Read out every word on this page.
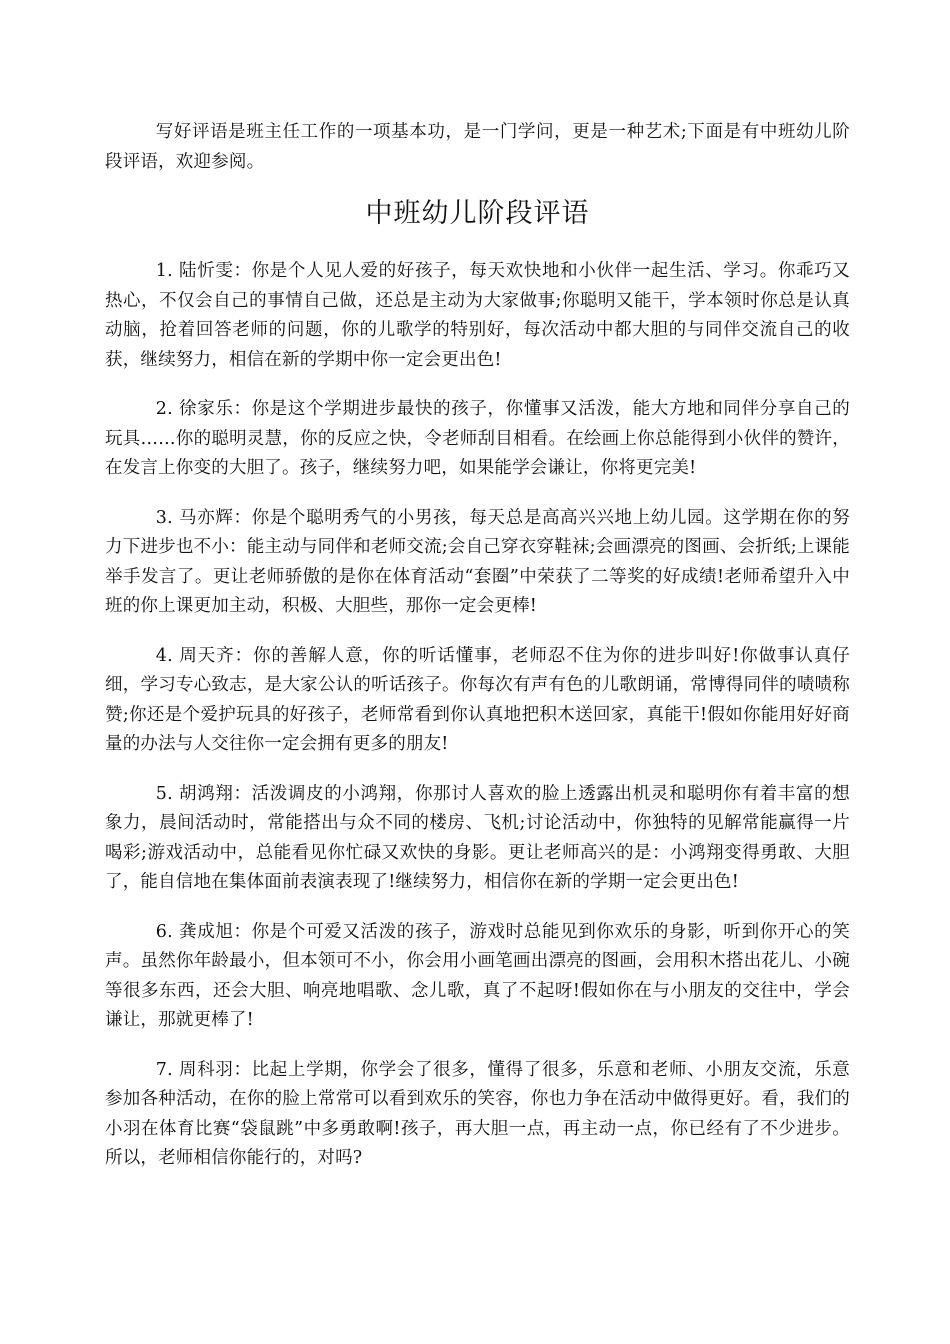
写好评语是班主任工作的一项基本功，是一门学问，更是一种艺术;下面是有中班幼儿阶段评语，欢迎参阅。

中班幼儿阶段评语

1. 陆忻雯：你是个人见人爱的好孩子，每天欢快地和小伙伴一起生活、学习。你乖巧又热心，不仅会自己的事情自己做，还总是主动为大家做事;你聪明又能干，学本领时你总是认真动脑，抢着回答老师的问题，你的儿歌学的特别好，每次活动中都大胆的与同伴交流自己的收获，继续努力，相信在新的学期中你一定会更出色!

2. 徐家乐：你是这个学期进步最快的孩子，你懂事又活泼，能大方地和同伴分享自己的玩具……你的聪明灵慧，你的反应之快，令老师刮目相看。在绘画上你总能得到小伙伴的赞许，在发言上你变的大胆了。孩子，继续努力吧，如果能学会谦让，你将更完美!

3. 马亦辉：你是个聪明秀气的小男孩，每天总是高高兴兴地上幼儿园。这学期在你的努力下进步也不小：能主动与同伴和老师交流;会自己穿衣穿鞋袜;会画漂亮的图画、会折纸;上课能举手发言了。更让老师骄傲的是你在体育活动“套圈”中荣获了二等奖的好成绩!老师希望升入中班的你上课更加主动，积极、大胆些，那你一定会更棒!

4. 周天齐：你的善解人意，你的听话懂事，老师忍不住为你的进步叫好!你做事认真仔细，学习专心致志，是大家公认的听话孩子。你每次有声有色的儿歌朗诵，常博得同伴的啧啧称赞;你还是个爱护玩具的好孩子，老师常看到你认真地把积木送回家，真能干!假如你能用好好商量的办法与人交往你一定会拥有更多的朋友!

5. 胡鸿翔：活泼调皮的小鸿翔，你那讨人喜欢的脸上透露出机灵和聪明你有着丰富的想象力，晨间活动时，常能搭出与众不同的楼房、飞机;讨论活动中，你独特的见解常能赢得一片喝彩;游戏活动中，总能看见你忙碌又欢快的身影。更让老师高兴的是：小鸿翔变得勇敢、大胆了，能自信地在集体面前表演表现了!继续努力，相信你在新的学期一定会更出色!

6. 龚成旭：你是个可爱又活泼的孩子，游戏时总能见到你欢乐的身影，听到你开心的笑声。虽然你年龄最小，但本领可不小，你会用小画笔画出漂亮的图画，会用积木搭出花儿、小碗等很多东西，还会大胆、响亮地唱歌、念儿歌，真了不起呀!假如你在与小朋友的交往中，学会谦让，那就更棒了!

7. 周科羽：比起上学期，你学会了很多，懂得了很多，乐意和老师、小朋友交流，乐意参加各种活动，在你的脸上常常可以看到欢乐的笑容，你也力争在活动中做得更好。看，我们的小羽在体育比赛“袋鼠跳”中多勇敢啊!孩子，再大胆一点，再主动一点，你已经有了不少进步。所以，老师相信你能行的，对吗?
